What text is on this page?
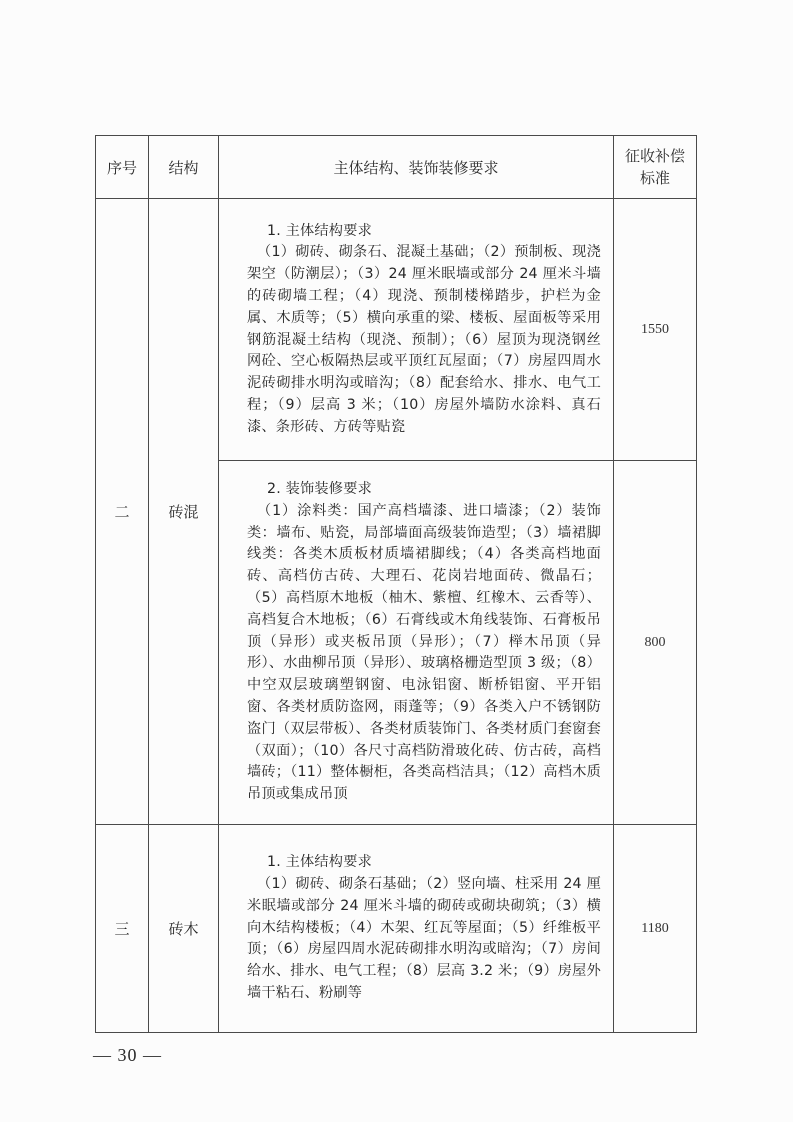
序号	结构	主体结构、装饰装修要求	征收补偿
标准
二	砖混	1. 主体结构要求
（1）砌砖、砌条石、混凝土基础；（2）预制板、现浇架空（防潮层）；（3）24 厘米眠墙或部分 24 厘米斗墙的砖砌墙工程；（4）现浇、预制楼梯踏步，护栏为金属、木质等；（5）横向承重的梁、楼板、屋面板等采用钢筋混凝土结构（现浇、预制）；（6）屋顶为现浇钢丝网砼、空心板隔热层或平顶红瓦屋面；（7）房屋四周水泥砖砌排水明沟或暗沟；（8）配套给水、排水、电气工程；（9）层高 3 米；（10）房屋外墙防水涂料、真石漆、条形砖、方砖等贴瓷	1550

		2. 装饰装修要求
（1）涂料类：国产高档墙漆、进口墙漆；（2）装饰类：墙布、贴瓷，局部墙面高级装饰造型；（3）墙裙脚线类：各类木质板材质墙裙脚线；（4）各类高档地面砖、高档仿古砖、大理石、花岗岩地面砖、微晶石；（5）高档原木地板（柚木、紫檀、红橡木、云香等）、高档复合木地板；（6）石膏线或木角线装饰、石膏板吊顶（异形）或夹板吊顶（异形）；（7）榉木吊顶（异形）、水曲柳吊顶（异形）、玻璃格栅造型顶 3 级；（8）中空双层玻璃塑钢窗、电泳铝窗、断桥铝窗、平开铝窗、各类材质防盗网，雨蓬等；（9）各类入户不锈钢防盗门（双层带板）、各类材质装饰门、各类材质门套窗套（双面）；（10）各尺寸高档防滑玻化砖、仿古砖，高档墙砖；（11）整体橱柜，各类高档洁具；（12）高档木质吊顶或集成吊顶	800
三	砖木	1. 主体结构要求
（1）砌砖、砌条石基础；（2）竖向墙、柱采用 24 厘米眠墙或部分 24 厘米斗墙的砌砖或砌块砌筑；（3）横向木结构楼板；（4）木架、红瓦等屋面；（5）纤维板平顶；（6）房屋四周水泥砖砌排水明沟或暗沟；（7）房间给水、排水、电气工程；（8）层高 3.2 米；（9）房屋外墙干粘石、粉刷等	1180
— 30 —
